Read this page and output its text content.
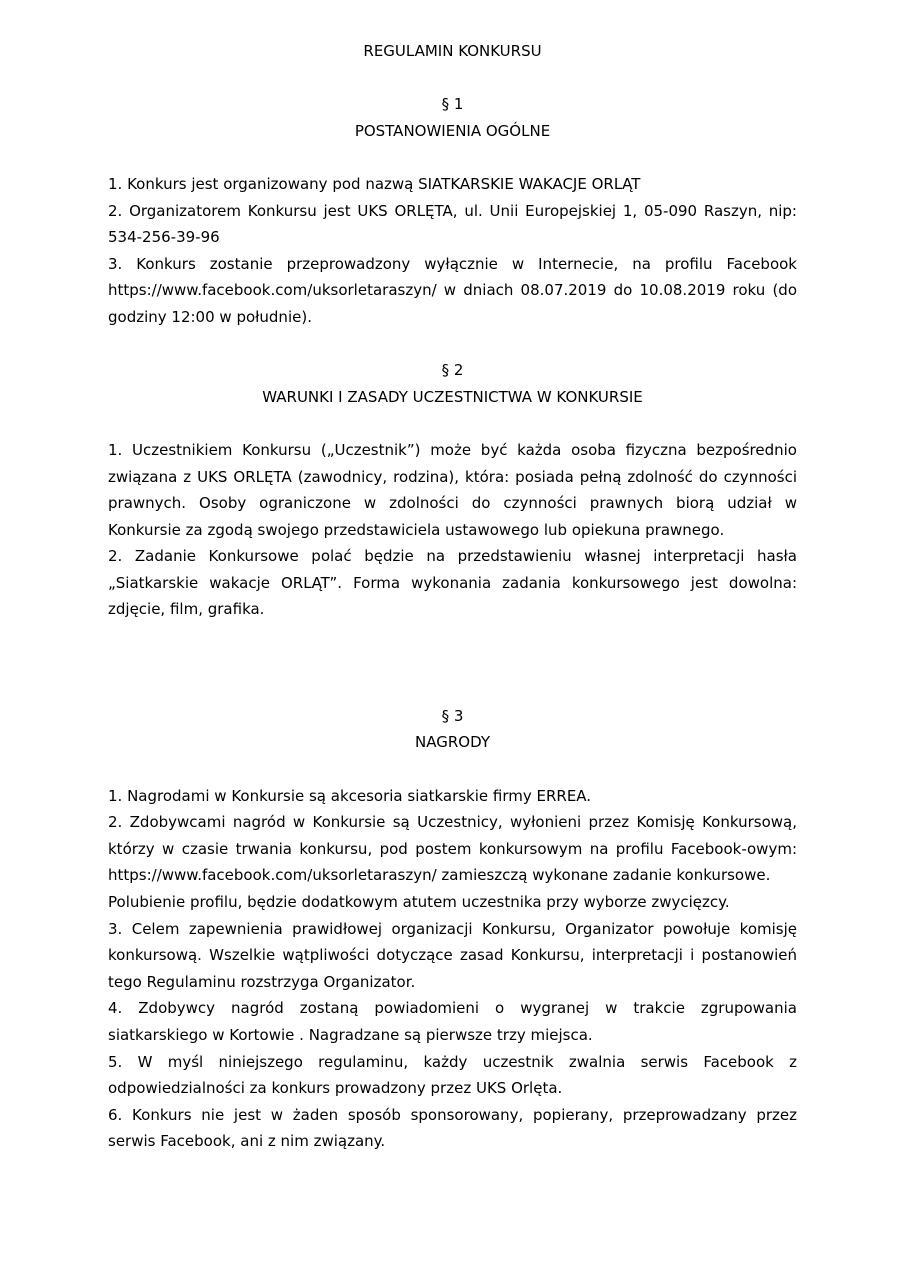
REGULAMIN KONKURSU

§ 1

POSTANOWIENIA OGÓLNE

1. Konkurs jest organizowany pod nazwą SIATKARSKIE WAKACJE ORLĄT
2. Organizatorem Konkursu jest UKS ORLĘTA, ul. Unii Europejskiej 1, 05-090 Raszyn, nip:
534-256-39-96
3. Konkurs zostanie przeprowadzony wyłącznie w Internecie, na profilu Facebook
https://www.facebook.com/uksorletaraszyn/ w dniach 08.07.2019 do 10.08.2019 roku (do
godziny 12:00 w południe).

§ 2

WARUNKI I ZASADY UCZESTNICTWA W KONKURSIE

1. Uczestnikiem Konkursu („Uczestnik”) może być każda osoba fizyczna bezpośrednio
związana z UKS ORLĘTA (zawodnicy, rodzina), która: posiada pełną zdolność do czynności
prawnych. Osoby ograniczone w zdolności do czynności prawnych biorą udział w
Konkursie za zgodą swojego przedstawiciela ustawowego lub opiekuna prawnego.
2. Zadanie Konkursowe polać będzie na przedstawieniu własnej interpretacji hasła
„Siatkarskie wakacje ORLĄT”. Forma wykonania zadania konkursowego jest dowolna:
zdjęcie, film, grafika.

§ 3

NAGRODY

1. Nagrodami w Konkursie są akcesoria siatkarskie firmy ERREA.
2. Zdobywcami nagród w Konkursie są Uczestnicy, wyłonieni przez Komisję Konkursową,
którzy w czasie trwania konkursu, pod postem konkursowym na profilu Facebook-owym:
https://www.facebook.com/uksorletaraszyn/ zamieszczą wykonane zadanie konkursowe.
Polubienie profilu, będzie dodatkowym atutem uczestnika przy wyborze zwycięzcy.
3. Celem zapewnienia prawidłowej organizacji Konkursu, Organizator powołuje komisję
konkursową. Wszelkie wątpliwości dotyczące zasad Konkursu, interpretacji i postanowień
tego Regulaminu rozstrzyga Organizator.
4. Zdobywcy nagród zostaną powiadomieni o wygranej w trakcie zgrupowania
siatkarskiego w Kortowie . Nagradzane są pierwsze trzy miejsca.
5. W myśl niniejszego regulaminu, każdy uczestnik zwalnia serwis Facebook z
odpowiedzialności za konkurs prowadzony przez UKS Orlęta.
6. Konkurs nie jest w żaden sposób sponsorowany, popierany, przeprowadzany przez
serwis Facebook, ani z nim związany.
